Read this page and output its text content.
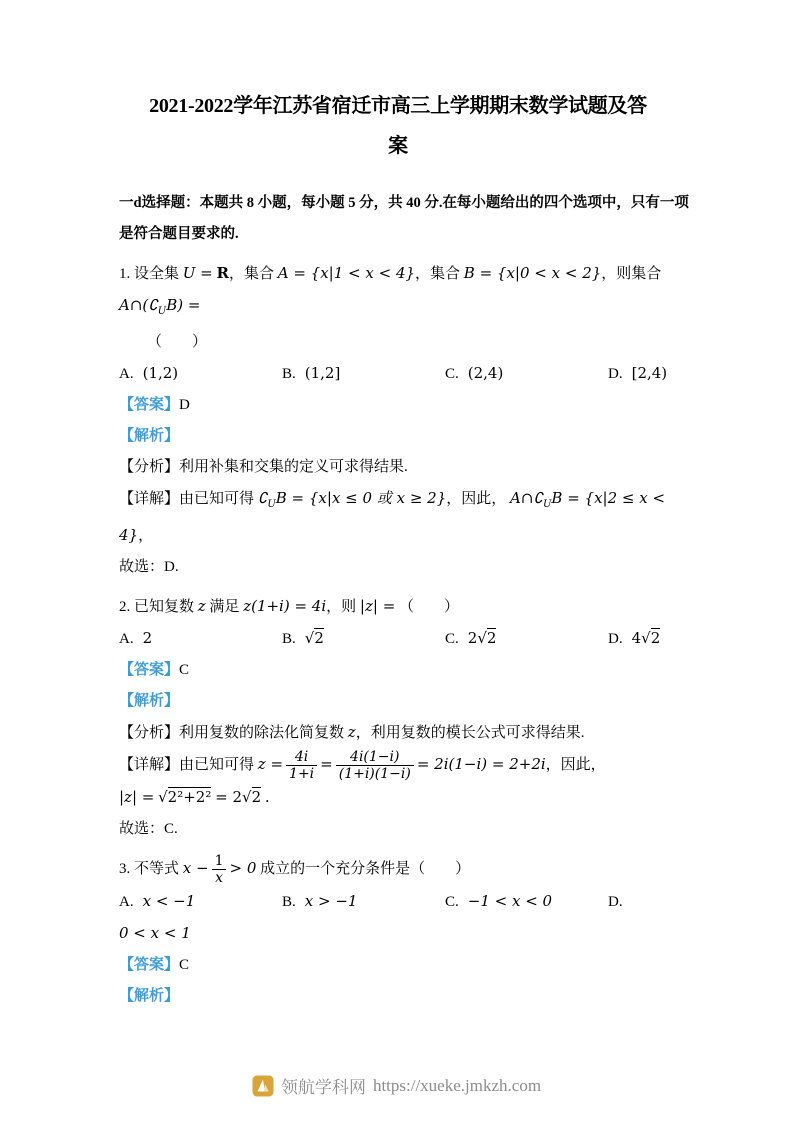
2021-2022学年江苏省宿迁市高三上学期期末数学试题及答
案

一d选择题：本题共 8 小题，每小题 5 分，共 40 分.在每小题给出的四个选项中，只有一项
是符合题目要求的.

1. 设全集 U = R，集合 A = {x|1 < x < 4}，集合 B = {x|0 < x < 2}，则集合 $A\cap(∁_UB)$ =

（　　）

A. (1,2)	B. (1,2]	C. (2,4)	D. [2,4)

【答案】D

【解析】

【分析】利用补集和交集的定义可求得结果.

【详解】由已知可得 $∁_UB = \{x|x \le 0$ 或 x ≥ 2}，因此， $A\cap∁_UB = \{x|2 \le x < 4\}$，

故选：D.

2. 已知复数 z 满足 z(1+i) = 4i，则 |z| = （　　）

A. 2	B. √2	C. 2√2	D. 4√2

【答案】C

【解析】

【分析】利用复数的除法化简复数 z，利用复数的模长公式可求得结果.

【详解】由已知可得 $z = \frac{4i}{1+i} = \frac{4i(1-i)}{(1+i)(1-i)} = 2i(1-i) = 2+2i$，因此，

|z| = √2²+2² = 2√2 .

故选：C.

3. 不等式 $x - \frac{1}{x} > 0$ 成立的一个充分条件是（　　）

A. x < −1	B. x > −1	C. −1 < x < 0	D.

0 < x < 1

【答案】C

【解析】

领航学科网 https://xueke.jmkzh.com
